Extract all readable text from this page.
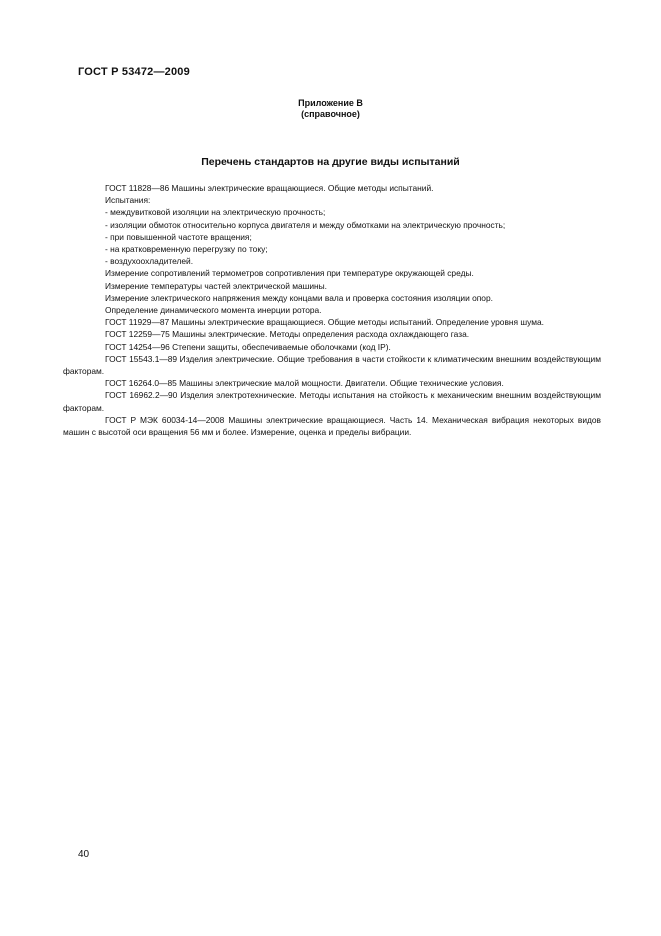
ГОСТ Р 53472—2009
Приложение В
(справочное)
Перечень стандартов на другие виды испытаний

ГОСТ 11828—86 Машины электрические вращающиеся. Общие методы испытаний.

Испытания:

- междувитковой изоляции на электрическую прочность;

- изоляции обмоток относительно корпуса двигателя и между обмотками на электрическую прочность;

- при повышенной частоте вращения;

- на кратковременную перегрузку по току;

- воздухоохладителей.

Измерение сопротивлений термометров сопротивления при температуре окружающей среды.

Измерение температуры частей электрической машины.

Измерение электрического напряжения между концами вала и проверка состояния изоляции опор.

Определение динамического момента инерции ротора.

ГОСТ 11929—87 Машины электрические вращающиеся. Общие методы испытаний. Определение уровня шума.

ГОСТ 12259—75 Машины электрические. Методы определения расхода охлаждающего газа.

ГОСТ 14254—96 Степени защиты, обеспечиваемые оболочками (код IP).

ГОСТ 15543.1—89 Изделия электрические. Общие требования в части стойкости к климатическим внешним воздействующим факторам.

ГОСТ 16264.0—85 Машины электрические малой мощности. Двигатели. Общие технические условия.

ГОСТ 16962.2—90 Изделия электротехнические. Методы испытания на стойкость к механическим внешним воздействующим факторам.

ГОСТ Р МЭК 60034-14—2008 Машины электрические вращающиеся. Часть 14. Механическая вибрация некоторых видов машин с высотой оси вращения 56 мм и более. Измерение, оценка и пределы вибрации.

40
